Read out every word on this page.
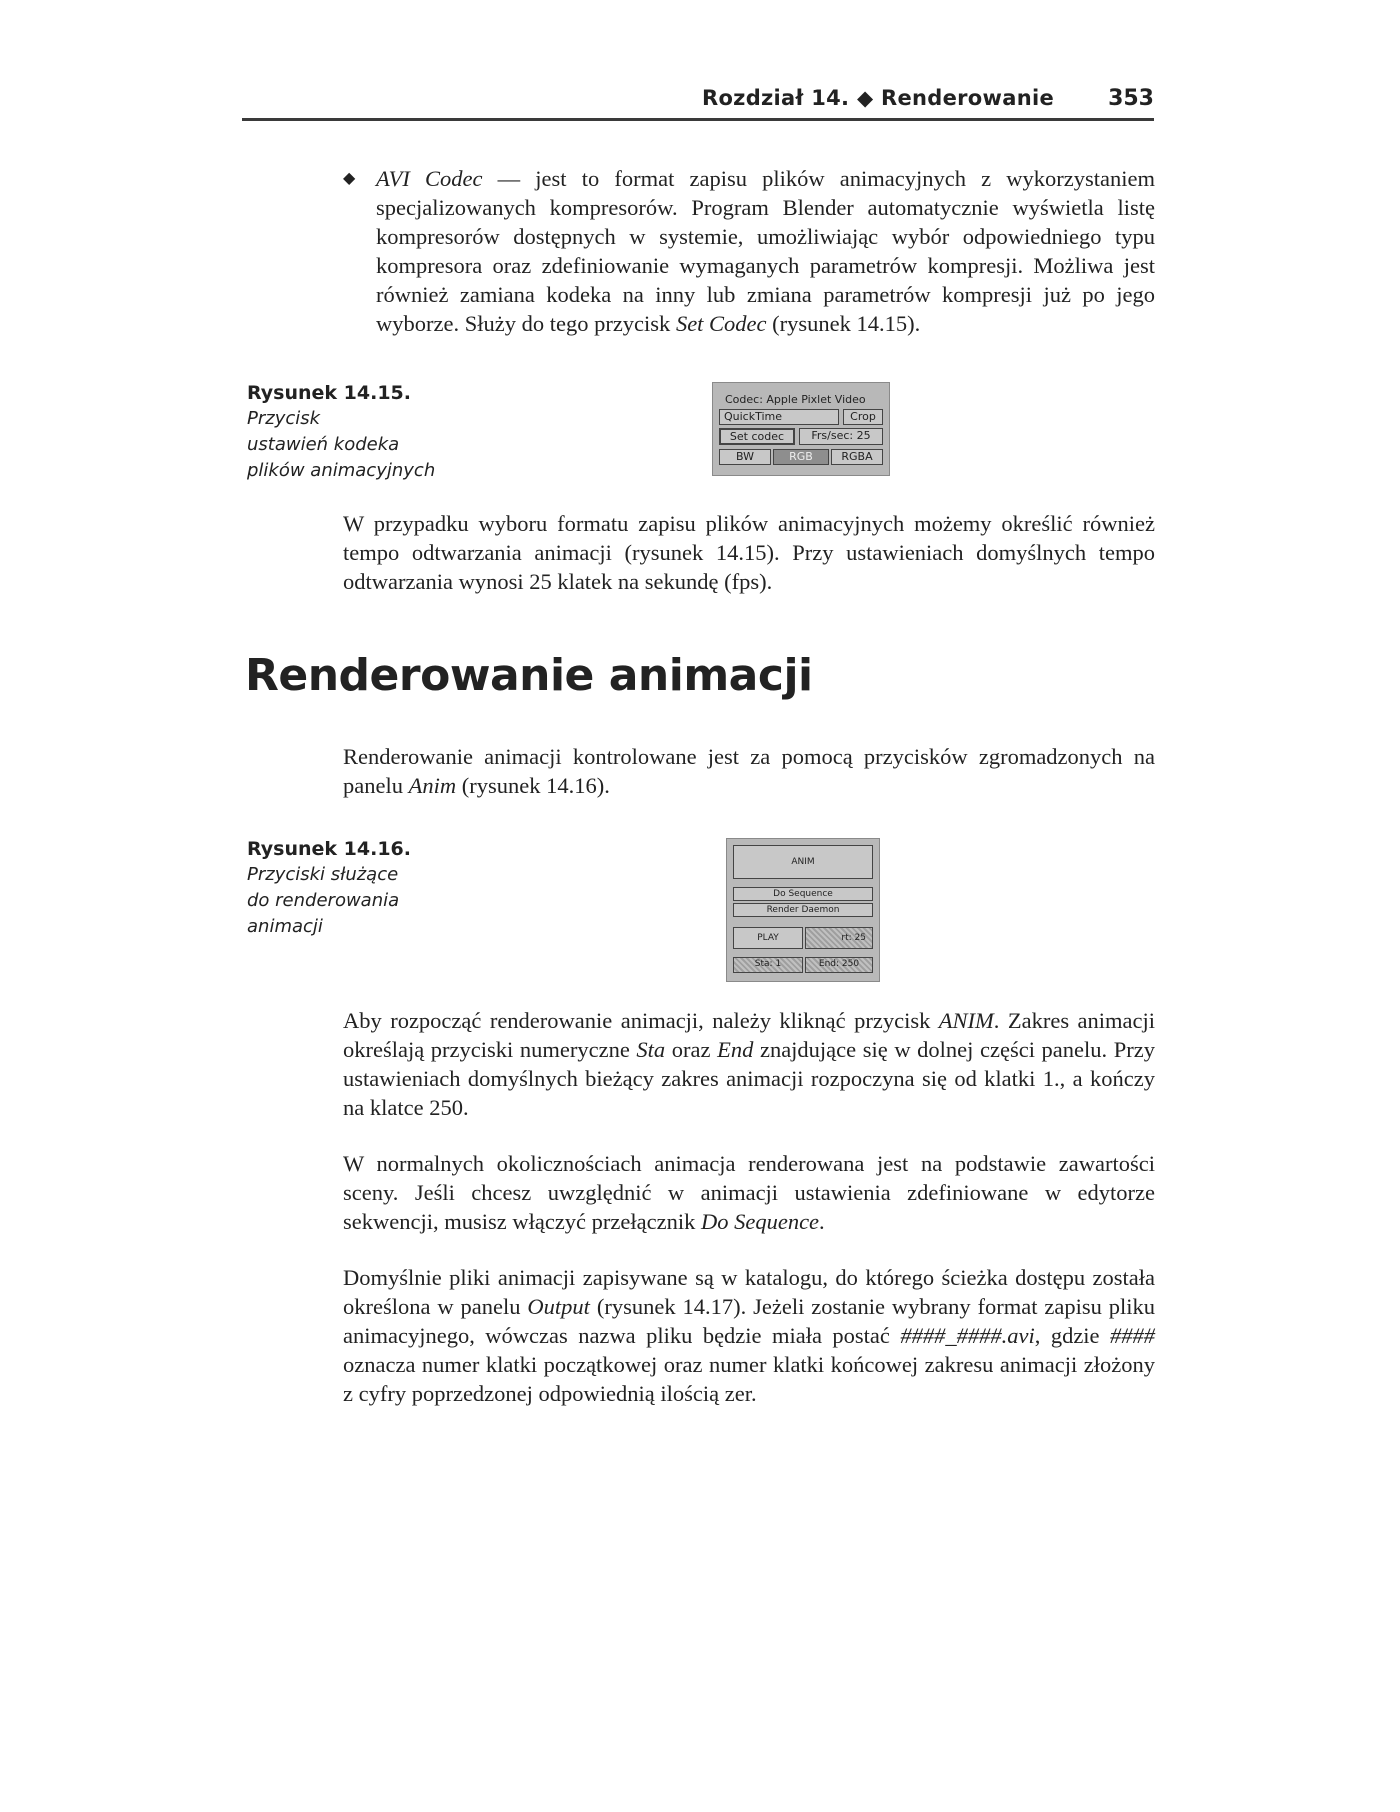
Rozdział 14. ◆ Renderowanie 353
◆ AVI Codec — jest to format zapisu plików animacyjnych z wykorzystaniem specjalizowanych kompresorów. Program Blender automatycznie wyświetla listę kompresorów dostępnych w systemie, umożliwiając wybór odpowiedniego typu kompresora oraz zdefiniowanie wymaganych parametrów kompresji. Możliwa jest również zamiana kodeka na inny lub zmiana parametrów kompresji już po jego wyborze. Służy do tego przycisk Set Codec (rysunek 14.15).
Rysunek 14.15.
Przycisk
ustawień kodeka
plików animacyjnych
Codec: Apple Pixlet Video
QuickTime	Crop
Set codec	Frs/sec: 25
BW	RGB	RGBA

W przypadku wyboru formatu zapisu plików animacyjnych możemy określić również tempo odtwarzania animacji (rysunek 14.15). Przy ustawieniach domyślnych tempo odtwarzania wynosi 25 klatek na sekundę (fps).

Renderowanie animacji

Renderowanie animacji kontrolowane jest za pomocą przycisków zgromadzonych na panelu Anim (rysunek 14.16).

Rysunek 14.16.
Przyciski służące
do renderowania
animacji
ANIM
Do Sequence
Render Daemon
PLAY	rt: 25
Sta: 1	End: 250

Aby rozpocząć renderowanie animacji, należy kliknąć przycisk ANIM. Zakres animacji określają przyciski numeryczne Sta oraz End znajdujące się w dolnej części panelu. Przy ustawieniach domyślnych bieżący zakres animacji rozpoczyna się od klatki 1., a kończy na klatce 250.

W normalnych okolicznościach animacja renderowana jest na podstawie zawartości sceny. Jeśli chcesz uwzględnić w animacji ustawienia zdefiniowane w edytorze sekwencji, musisz włączyć przełącznik Do Sequence.

Domyślnie pliki animacji zapisywane są w katalogu, do którego ścieżka dostępu została określona w panelu Output (rysunek 14.17). Jeżeli zostanie wybrany format zapisu pliku animacyjnego, wówczas nazwa pliku będzie miała postać ####_####.avi, gdzie #### oznacza numer klatki początkowej oraz numer klatki końcowej zakresu animacji złożony z cyfry poprzedzonej odpowiednią ilością zer.
